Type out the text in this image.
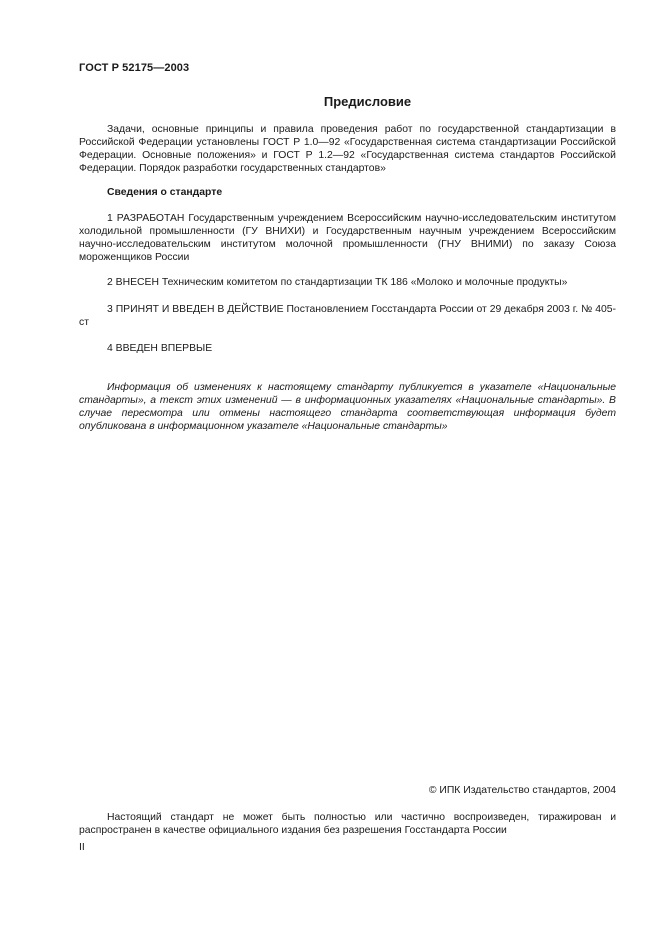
ГОСТ Р 52175—2003
Предисловие

Задачи, основные принципы и правила проведения работ по государственной стандартизации в Российской Федерации установлены ГОСТ Р 1.0—92 «Государственная система стандартизации Российской Федерации. Основные положения» и ГОСТ Р 1.2—92 «Государственная система стандартов Российской Федерации. Порядок разработки государственных стандартов»

Сведения о стандарте

1 РАЗРАБОТАН Государственным учреждением Всероссийским научно-исследовательским институтом холодильной промышленности (ГУ ВНИХИ) и Государственным научным учреждением Всероссийским научно-исследовательским институтом молочной промышленности (ГНУ ВНИМИ) по заказу Союза мороженщиков России

2 ВНЕСЕН Техническим комитетом по стандартизации ТК 186 «Молоко и молочные продукты»

3 ПРИНЯТ И ВВЕДЕН В ДЕЙСТВИЕ Постановлением Госстандарта России от 29 декабря 2003 г. № 405-ст

4 ВВЕДЕН ВПЕРВЫЕ

Информация об изменениях к настоящему стандарту публикуется в указателе «Национальные стандарты», а текст этих изменений — в информационных указателях «Национальные стандарты». В случае пересмотра или отмены настоящего стандарта соответствующая информация будет опубликована в информационном указателе «Национальные стандарты»

© ИПК Издательство стандартов, 2004

Настоящий стандарт не может быть полностью или частично воспроизведен, тиражирован и распространен в качестве официального издания без разрешения Госстандарта России

II
